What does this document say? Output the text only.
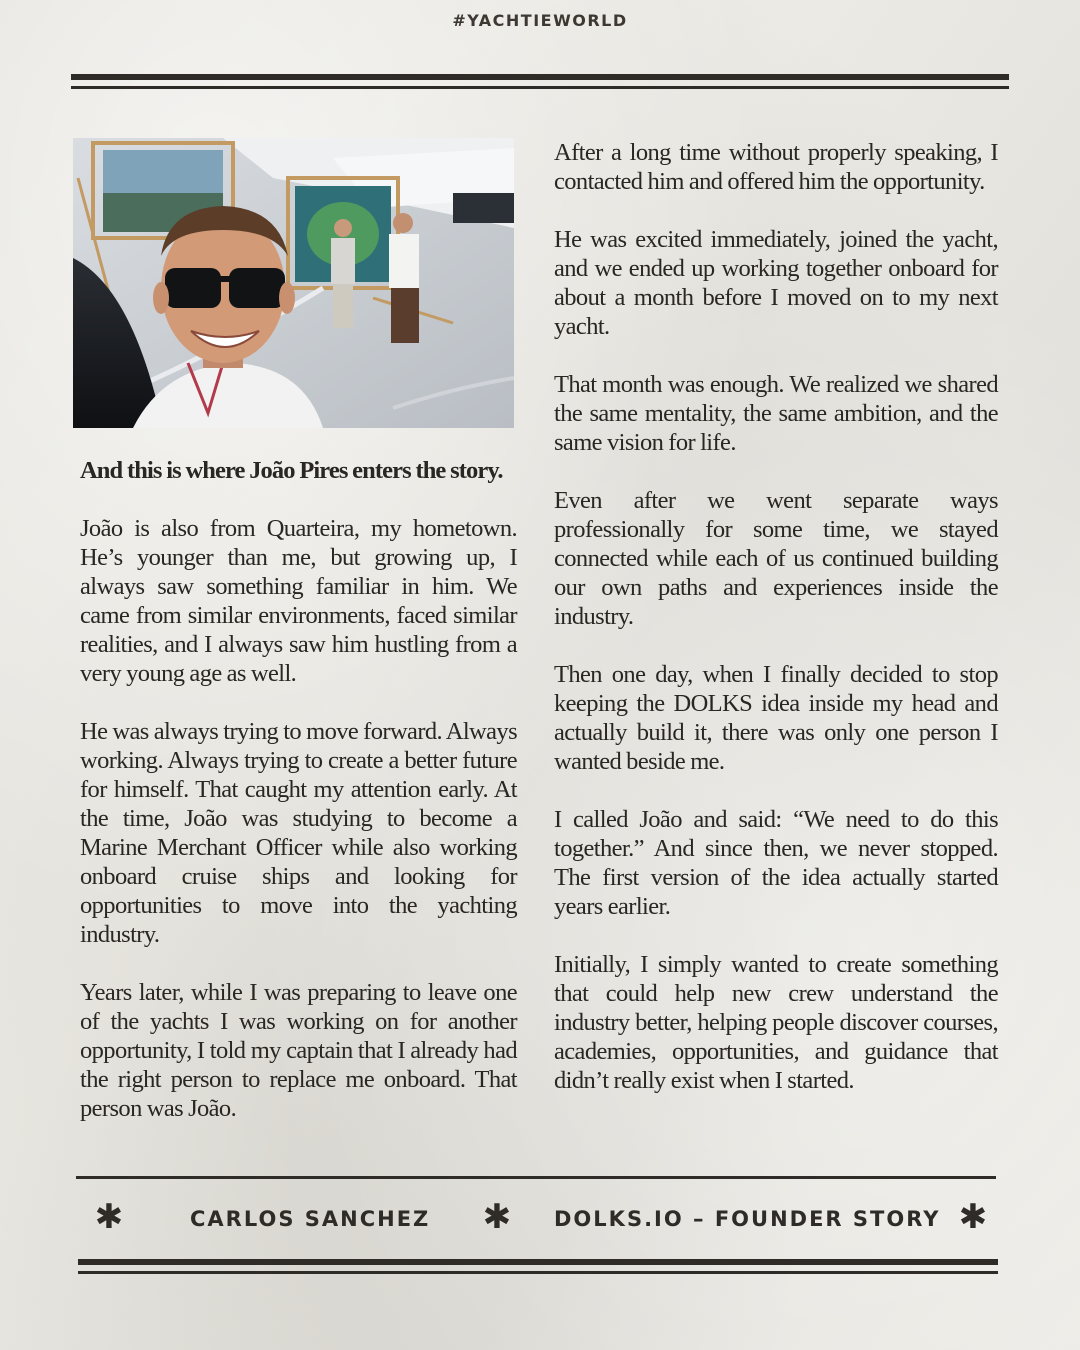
#YACHTIEWORLD

And this is where João Pires enters the story.

João is also from Quarteira, my hometown. He’s younger than me, but growing up, I always saw something familiar in him. We came from similar environments, faced similar realities, and I always saw him hustling from a very young age as well.

He was always trying to move forward. Always working. Always trying to create a better future for himself. That caught my attention early. At the time, João was studying to become a Marine Merchant Officer while also working onboard cruise ships and looking for opportunities to move into the yachting industry.

Years later, while I was preparing to leave one of the yachts I was working on for another opportunity, I told my captain that I already had the right person to replace me onboard. That person was João.

After a long time without properly speaking, I contacted him and offered him the opportunity.

He was excited immediately, joined the yacht, and we ended up working together onboard for about a month before I moved on to my next yacht.

That month was enough. We realized we shared the same mentality, the same ambition, and the same vision for life.

Even after we went separate ways professionally for some time, we stayed connected while each of us continued building our own paths and experiences inside the industry.

Then one day, when I finally decided to stop keeping the DOLKS idea inside my head and actually build it, there was only one person I wanted beside me.

I called João and said: “We need to do this together.” And since then, we never stopped. The first version of the idea actually started years earlier.

Initially, I simply wanted to create something that could help new crew understand the industry better, helping people discover courses, academies, opportunities, and guidance that didn’t really exist when I started.

✱	CARLOS SANCHEZ ✱ DOLKS.IO – FOUNDER STORY ✱
